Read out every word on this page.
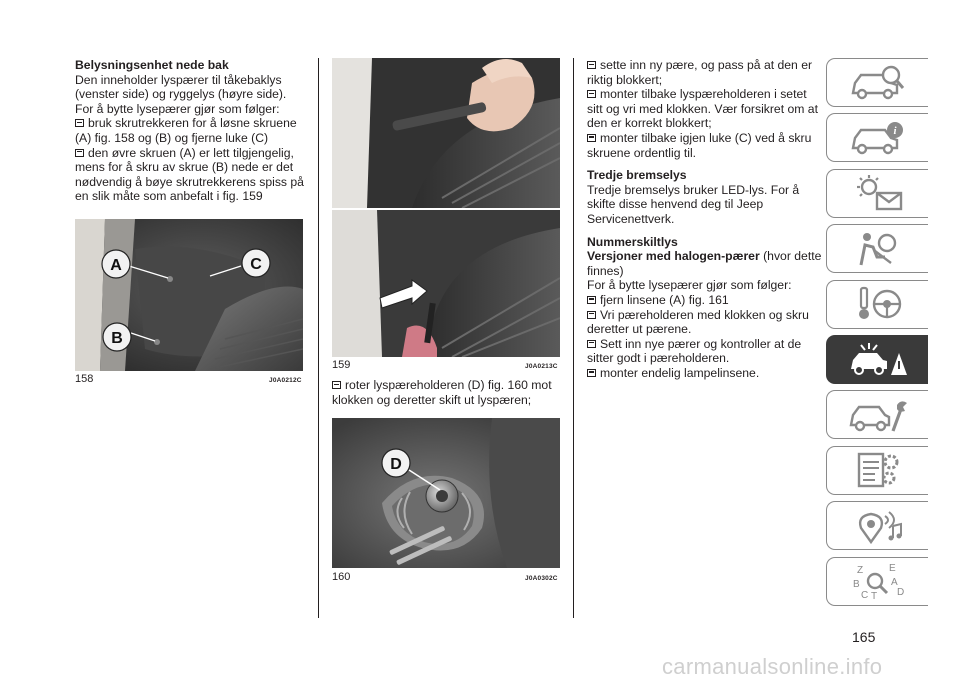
Belysningsenhet nede bak

Den inneholder lyspærer til tåkebaklys (venster side) og ryggelys (høyre side).

For å bytte lysepærer gjør som følger:

bruk skrutrekkeren for å løsne skruene (A) fig. 158 og (B) og fjerne luke (C)

den øvre skruen (A) er lett tilgjengelig, mens for å skru av skrue (B) nede er det nødvendig å bøye skrutrekkerens spiss på en slik måte som anbefalt i fig. 159

A	C
B
158	J0A0212C
159	J0A0213C

roter lyspæreholderen (D) fig. 160 mot klokken og deretter skift ut lyspæren;

D
160	J0A0302C

sette inn ny pære, og pass på at den er riktig blokkert;

monter tilbake lyspæreholderen i setet sitt og vri med klokken. Vær forsikret om at den er korrekt blokkert;

monter tilbake igjen luke (C) ved å skru skruene ordentlig til.

Tredje bremselys

Tredje bremselys bruker LED-lys. For å skifte disse henvend deg til Jeep Servicenettverk.

Nummerskiltlys

Versjoner med halogen-pærer (hvor dette finnes)

For å bytte lysepærer gjør som følger:

fjern linsene (A) fig. 161

Vri pæreholderen med klokken og skru deretter ut pærene.

Sett inn nye pærer og kontroller at de sitter godt i pæreholderen.

monter endelig lampelinsene.

i
Z	E
B	A
C T D
165
carmanualsonline.info
